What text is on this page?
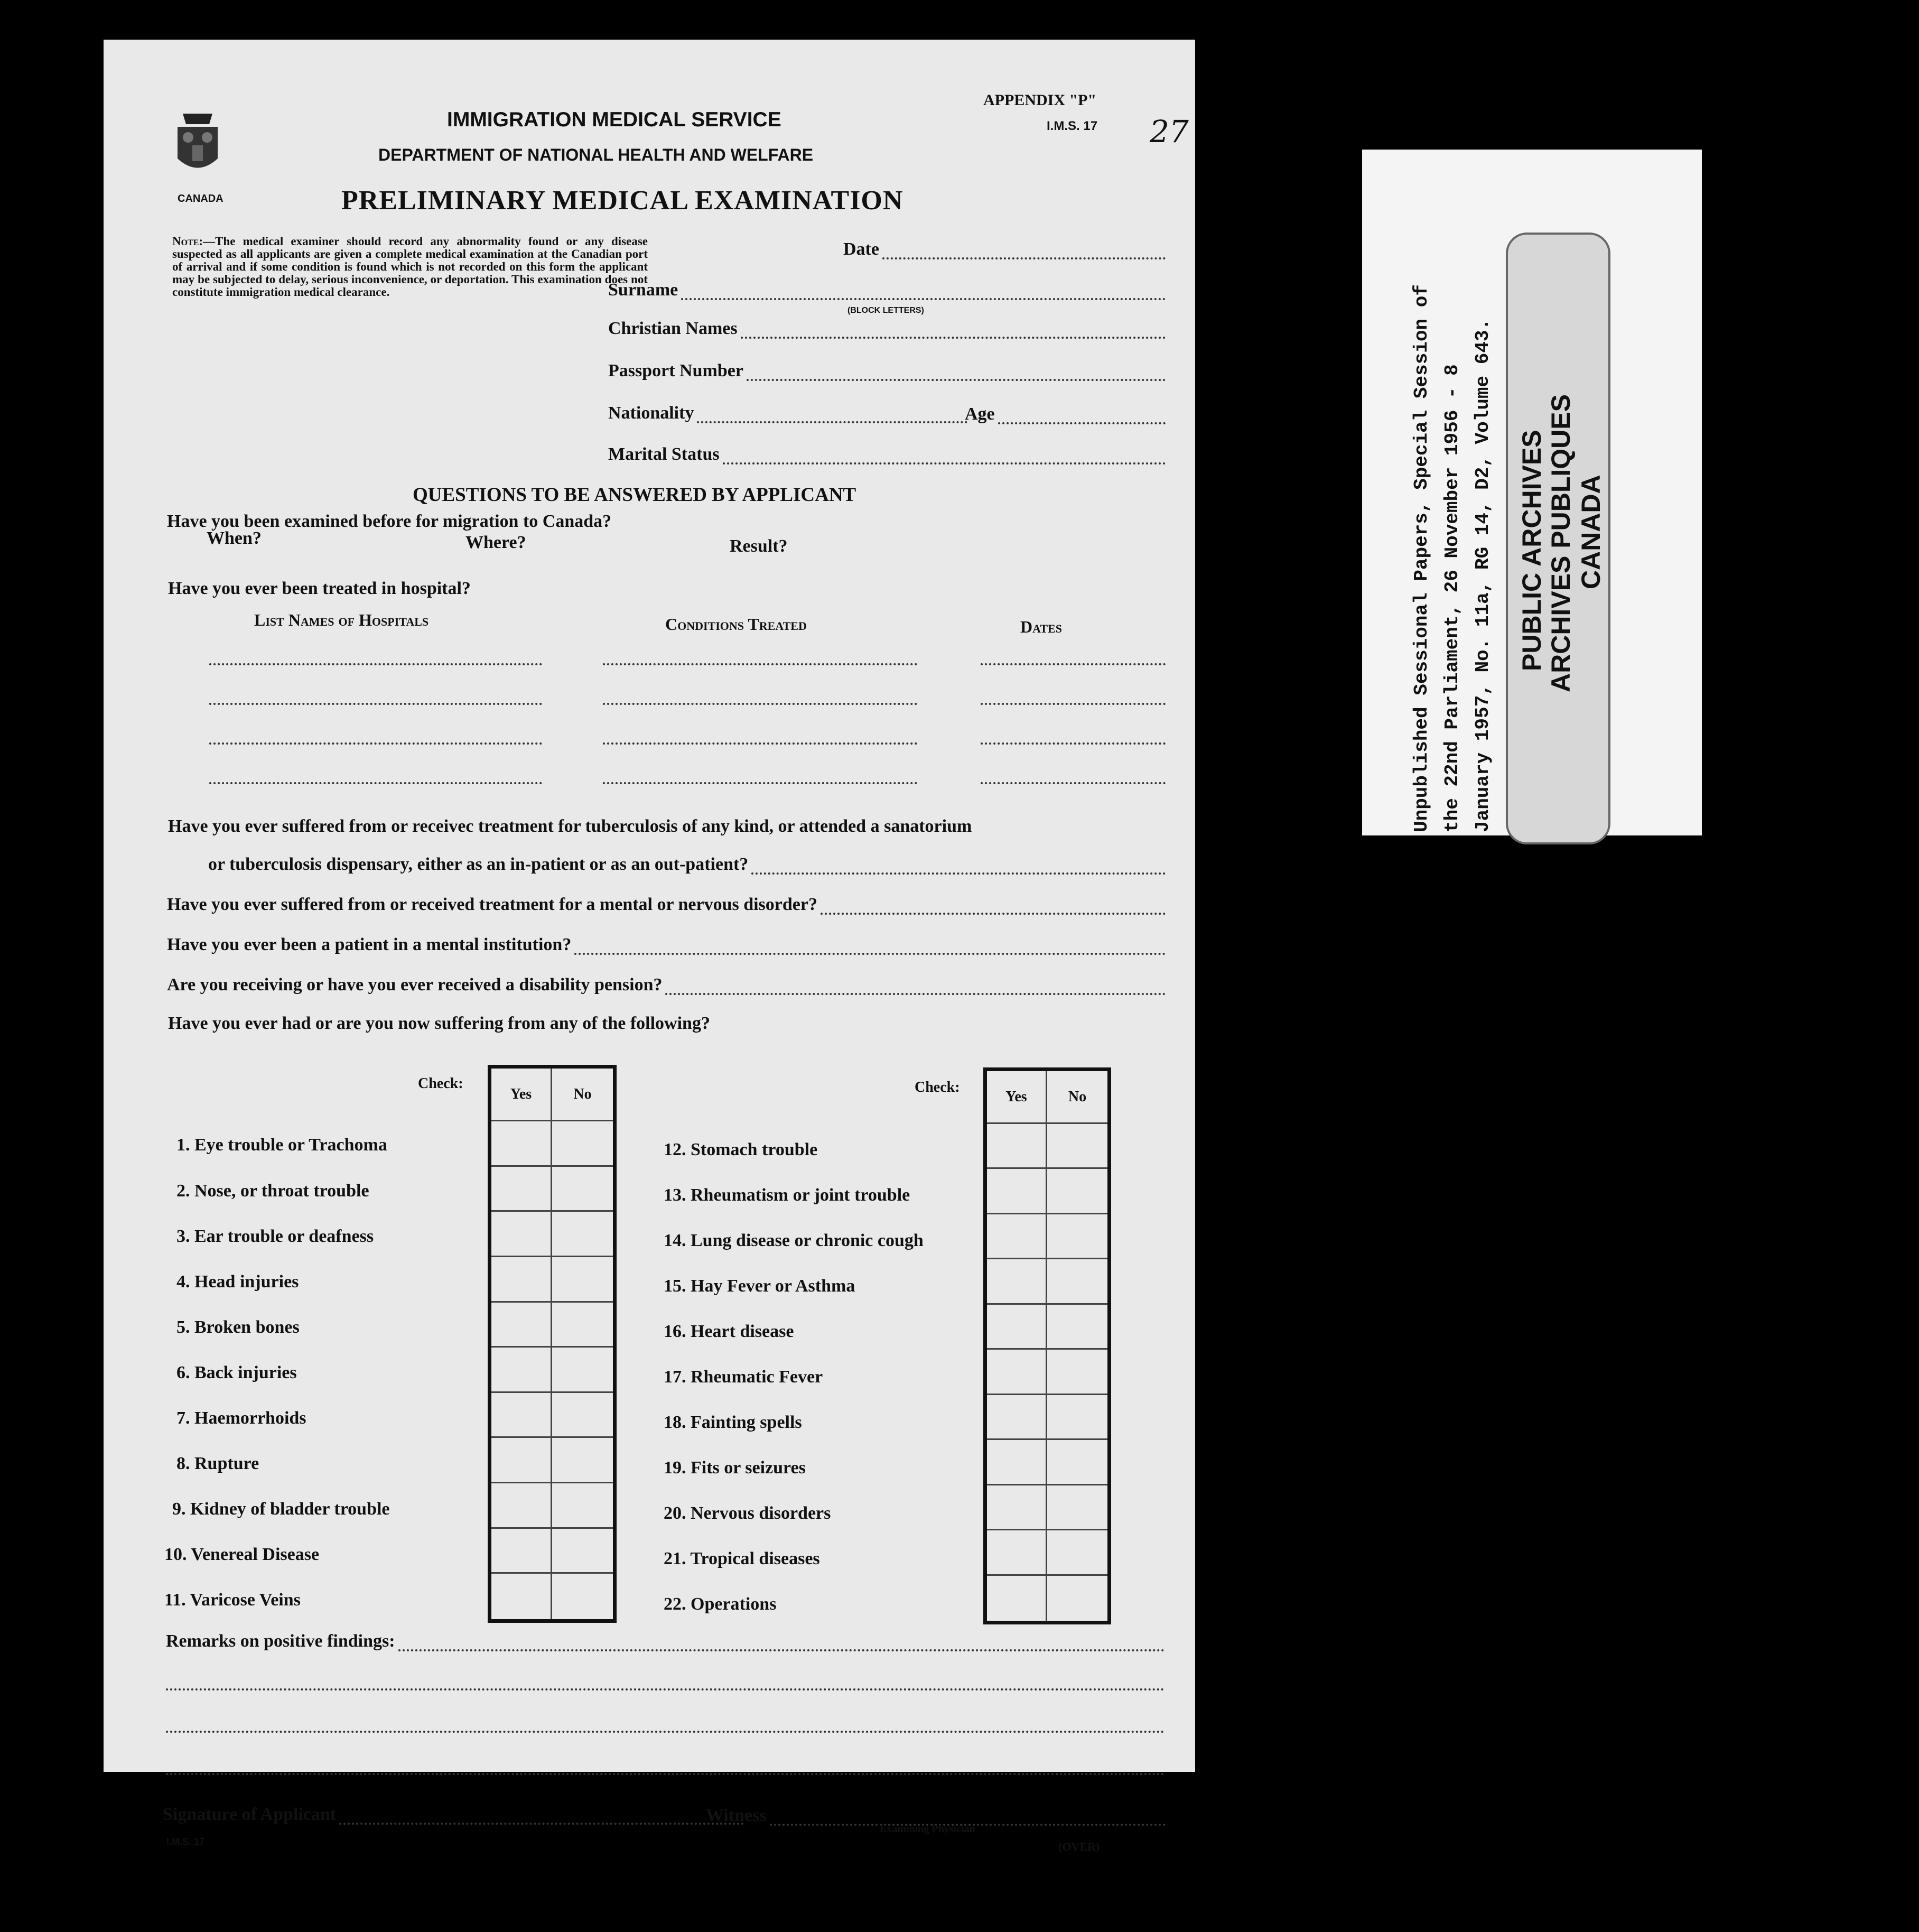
CANADA
APPENDIX "P"
I.M.S. 17 27
IMMIGRATION MEDICAL SERVICE
DEPARTMENT OF NATIONAL HEALTH AND WELFARE
PRELIMINARY MEDICAL EXAMINATION
Note:—The medical examiner should record any abnormality found or any disease suspected as all applicants are given a complete medical examination at the Canadian port of arrival and if some condition is found which is not recorded on this form the applicant may be subjected to delay, serious inconvenience, or deportation. This examination does not constitute immigration medical clearance.
Date
Surname
(BLOCK LETTERS)
Christian Names
Passport Number
Nationality	Age
Marital Status
QUESTIONS TO BE ANSWERED BY APPLICANT
Have you been examined before for migration to Canada?
When?	Where?	Result?
Have you ever been treated in hospital?
List Names of Hospitals	Conditions Treated	Dates
Have you ever suffered from or receivec treatment for tuberculosis of any kind, or attended a sanatorium
or tuberculosis dispensary, either as an in-patient or as an out-patient?
Have you ever suffered from or received treatment for a mental or nervous disorder?
Have you ever been a patient in a mental institution?
Are you receiving or have you ever received a disability pension?
Have you ever had or are you now suffering from any of the following?
Check:
Yes	No
1. Eye trouble or Trachoma
2. Nose, or throat trouble
3. Ear trouble or deafness
4. Head injuries
5. Broken bones
6. Back injuries
7. Haemorrhoids
8. Rupture
9. Kidney of bladder trouble
10. Venereal Disease
11. Varicose Veins
Check:
Yes	No
12. Stomach trouble
13. Rheumatism or joint trouble
14. Lung disease or chronic cough
15. Hay Fever or Asthma
16. Heart disease
17. Rheumatic Fever
18. Fainting spells
19. Fits or seizures
20. Nervous disorders
21. Tropical diseases
22. Operations
Remarks on positive findings:
Signature of Applicant	Witness
Examining Physician
I.M.S. 17	(OVER)
Unpublished Sessional Papers, Special Session of the 22nd Parliament, 26 November 1956 - 8 January 1957, No. 11a, RG 14, D2, Volume 643. PUBLIC ARCHIVES ARCHIVES PUBLIQUES CANADA
